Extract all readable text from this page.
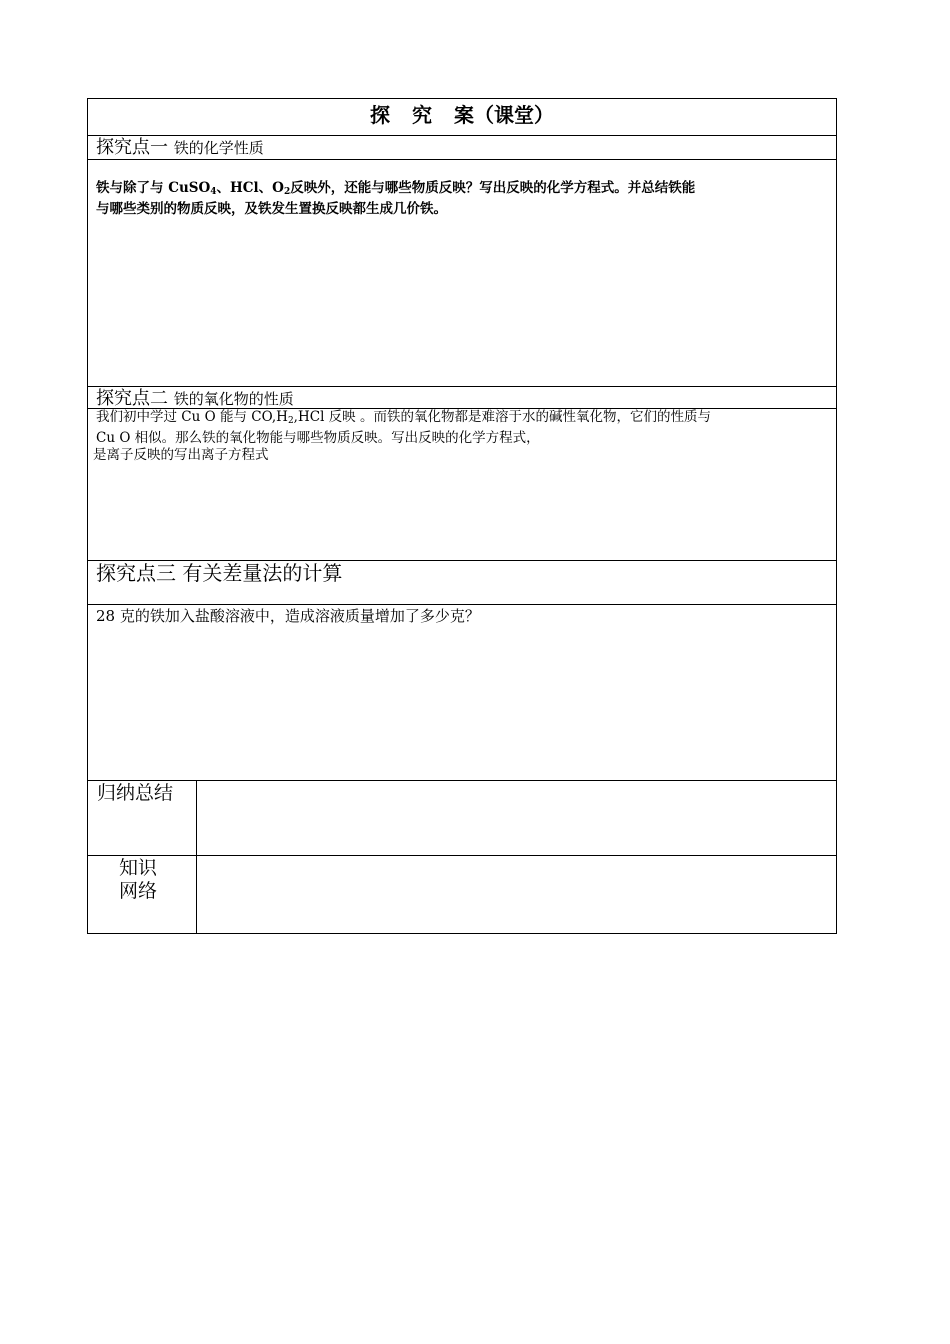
探 究 案（课堂）
探究点一 铁的化学性质
铁与除了与 CuSO$_4$、HCl、$O_2$反映外，还能与哪些物质反映？写出反映的化学方程式。并总结铁能
与哪些类别的物质反映，及铁发生置换反映都生成几价铁。
探究点二 铁的氧化物的性质
我们初中学过 Cu O 能与 $CO,H_2,HCl$ 反映 。而铁的氧化物都是难溶于水的碱性氧化物，它们的性质与
Cu O 相似。那么铁的氧化物能与哪些物质反映。写出反映的化学方程式，
是离子反映的写出离子方程式
探究点三 有关差量法的计算
28 克的铁加入盐酸溶液中，造成溶液质量增加了多少克？
归纳总结
知识
网络
